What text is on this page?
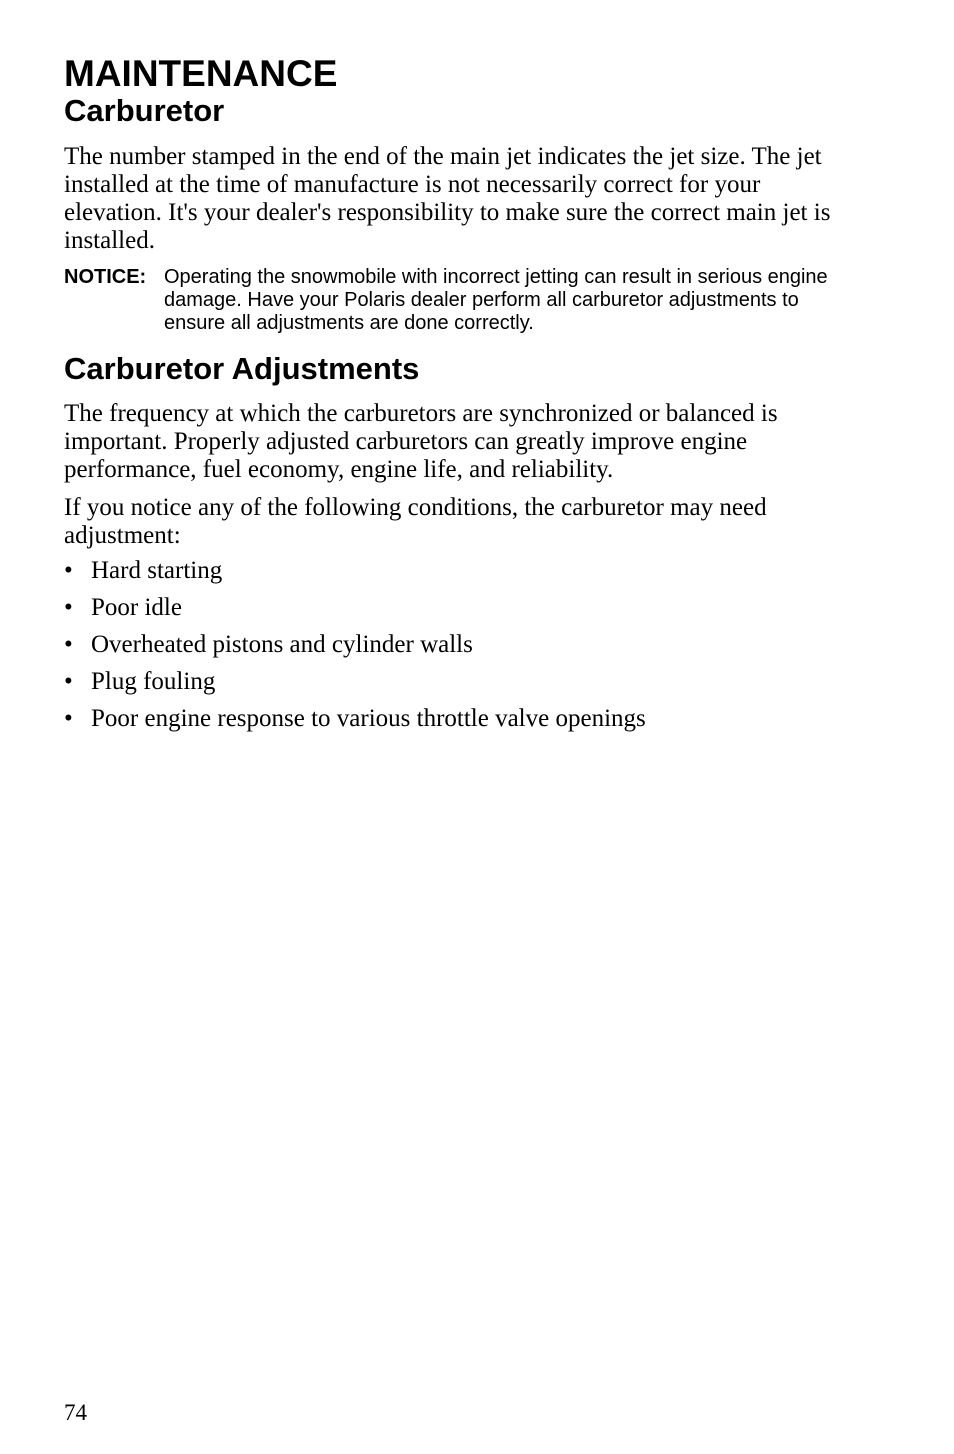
MAINTENANCE
Carburetor

The number stamped in the end of the main jet indicates the jet size. The jet installed at the time of manufacture is not necessarily correct for your elevation. It's your dealer's responsibility to make sure the correct main jet is installed.

NOTICE: Operating the snowmobile with incorrect jetting can result in serious engine damage. Have your Polaris dealer perform all carburetor adjustments to ensure all adjustments are done correctly.
Carburetor Adjustments

The frequency at which the carburetors are synchronized or balanced is important. Properly adjusted carburetors can greatly improve engine performance, fuel economy, engine life, and reliability.

If you notice any of the following conditions, the carburetor may need adjustment:

• Hard starting
• Poor idle
• Overheated pistons and cylinder walls
• Plug fouling
• Poor engine response to various throttle valve openings
74
